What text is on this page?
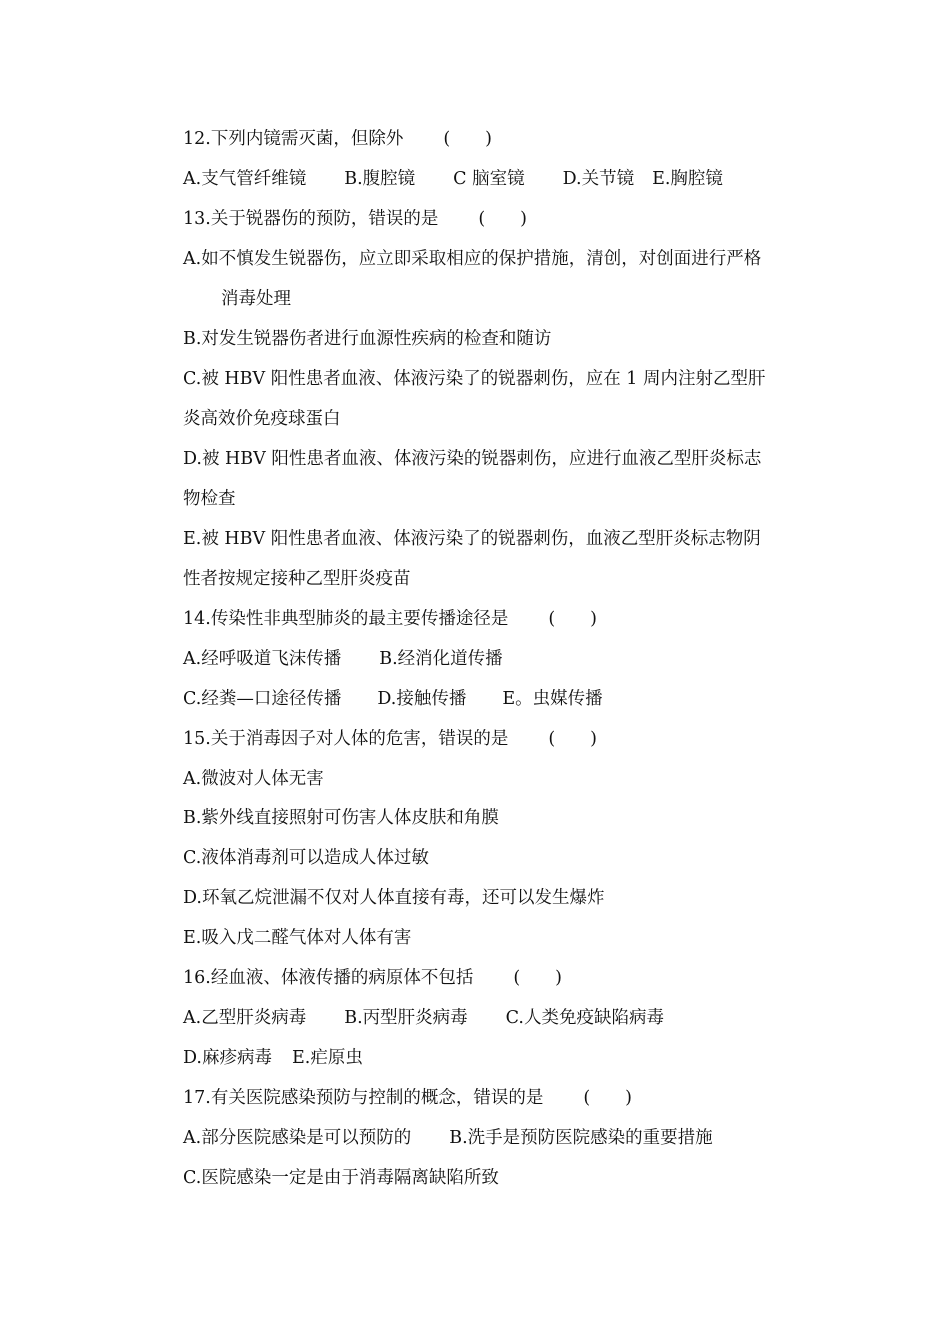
12.下列内镜需灭菌，但除外 (　　)
A.支气管纤维镜 B.腹腔镜 C 脑室镜 D.关节镜 E.胸腔镜
13.关于锐器伤的预防，错误的是 (　　)
A.如不慎发生锐器伤，应立即采取相应的保护措施，清创，对创面进行严格
消毒处理
B.对发生锐器伤者进行血源性疾病的检查和随访
C.被 HBV 阳性患者血液、体液污染了的锐器刺伤，应在 1 周内注射乙型肝
炎高效价免疫球蛋白
D.被 HBV 阳性患者血液、体液污染的锐器刺伤，应进行血液乙型肝炎标志
物检查
E.被 HBV 阳性患者血液、体液污染了的锐器刺伤，血液乙型肝炎标志物阴
性者按规定接种乙型肝炎疫苗
14.传染性非典型肺炎的最主要传播途径是 (　　)
A.经呼吸道飞沫传播 B.经消化道传播
C.经粪—口途径传播 D.接触传播 E。虫媒传播
15.关于消毒因子对人体的危害，错误的是 (　　)
A.微波对人体无害
B.紫外线直接照射可伤害人体皮肤和角膜
C.液体消毒剂可以造成人体过敏
D.环氧乙烷泄漏不仅对人体直接有毒，还可以发生爆炸
E.吸入戊二醛气体对人体有害
16.经血液、体液传播的病原体不包括 (　　)
A.乙型肝炎病毒 B.丙型肝炎病毒 C.人类免疫缺陷病毒
D.麻疹病毒 E.疟原虫
17.有关医院感染预防与控制的概念，错误的是 (　　)
A.部分医院感染是可以预防的 B.洗手是预防医院感染的重要措施
C.医院感染一定是由于消毒隔离缺陷所致
